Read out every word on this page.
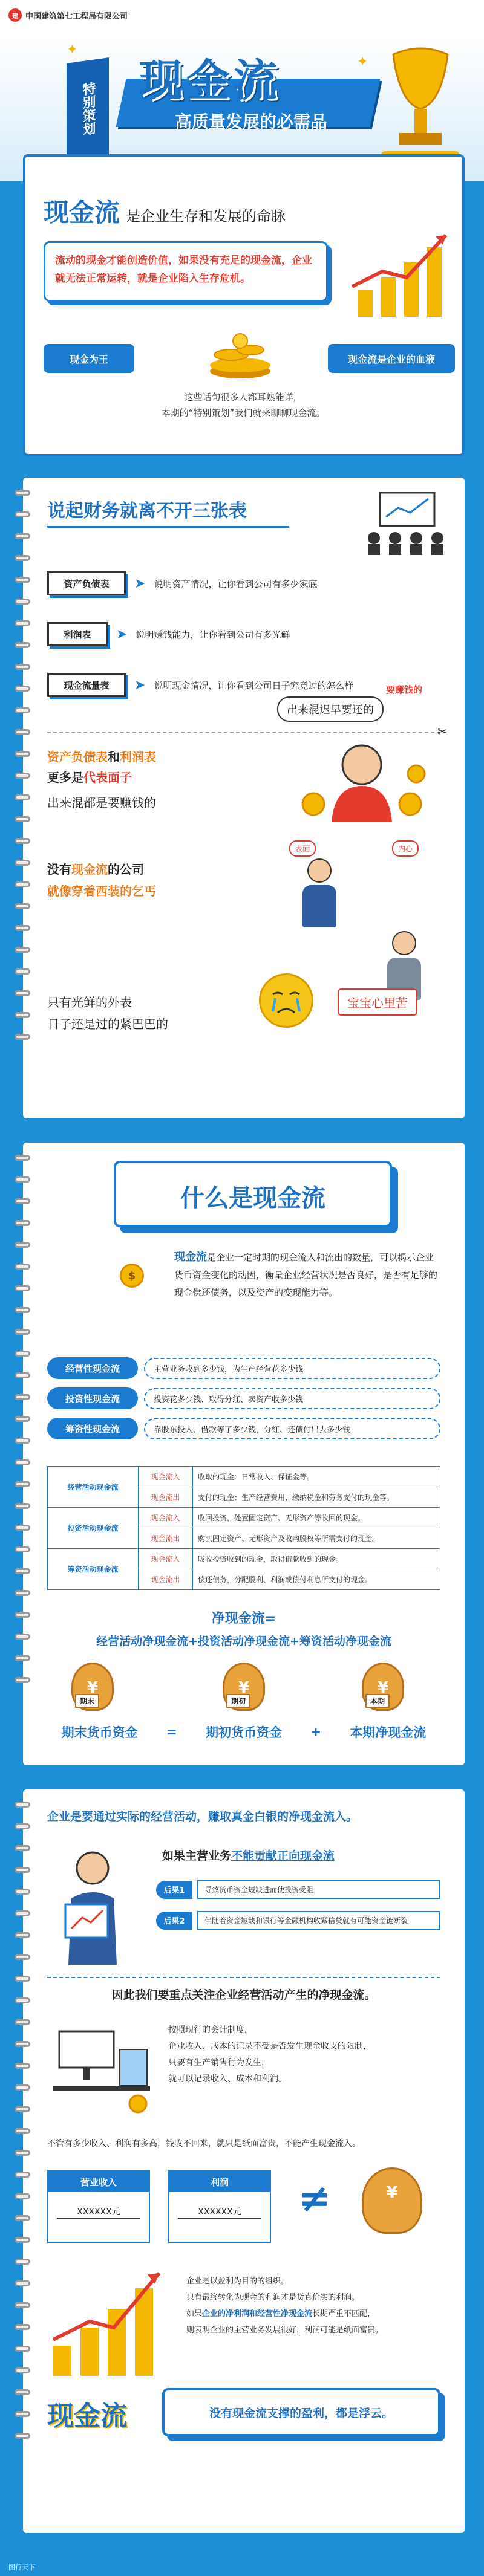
建 中国建筑第七工程局有限公司
特别策划
现金流
高质量发展的必需品
✦
✦
现金流 是企业生存和发展的命脉
流动的现金才能创造价值，如果没有充足的现金流，企业就无法正常运转，就是企业陷入生存危机。
现金为王	现金流是企业的血液
这些话句很多人都耳熟能详，
本期的“特别策划”我们就来聊聊现金流。
说起财务就离不开三张表
资产负债表	➤ 说明资产情况，让你看到公司有多少家底
利润表	➤ 说明赚钱能力，让你看到公司有多光鲜
现金流量表	➤ 说明现金情况，让你看到公司日子究竟过的怎么样
✂
要赚钱的
出来混迟早要还的
资产负债表和利润表
更多是代表面子
出来混都是要赚钱的
没有现金流的公司
就像穿着西装的乞丐
表面	内心
只有光鲜的外表
日子还是过的紧巴巴的
宝宝心里苦
什么是现金流
$
现金流是企业一定时期的现金流入和流出的数量，可以揭示企业货币资金变化的动因，衡量企业经营状况是否良好，是否有足够的现金偿还债务，以及资产的变现能力等。
经营性现金流	主营业务收到多少钱，为生产经营花多少钱
投资性现金流	投资花多少钱、取得分红、卖资产收多少钱
筹资性现金流	靠股东投入、借款等了多少钱，分红、还债付出去多少钱
经营活动现金流	现金流入	收取的现金：日常收入、保证金等。
	现金流出	支付的现金：生产经营费用、缴纳税金和劳务支付的现金等。
投资活动现金流	现金流入	收回投资，处置固定资产、无形资产等收回的现金。
	现金流出	购买固定资产、无形资产及收购股权等所需支付的现金。
筹资活动现金流	现金流入	吸收投资收到的现金，取得借款收到的现金。
	现金流出	偿还债务，分配股利、利润或偿付利息所支付的现金。
净现金流=
经营活动净现金流+投资活动净现金流+筹资活动净现金流
¥
期末 ¥	期初 ¥	本期
期末货币资金 = 期初货币资金 + 本期净现金流
企业是要通过实际的经营活动，赚取真金白银的净现金流入。
如果主营业务不能贡献正向现金流
后果1	导致货币资金短缺进而使投资受阻
后果2	伴随着资金短缺和银行等金融机构收紧信贷就有可能资金链断裂
因此我们要重点关注企业经营活动产生的净现金流。
按照现行的会计制度，
企业收入、成本的记录不受是否发生现金收支的限制，
只要有生产销售行为发生，
就可以记录收入、成本和利润。
不管有多少收入、利润有多高，钱收不回来，就只是纸面富贵，不能产生现金流入。
营业收入
XXXXXX元
利润
XXXXXX元	≠
¥
企业是以盈利为目的的组织。
只有最终转化为现金的利润才是货真价实的利润。
如果企业的净利润和经营性净现金流长期严重不匹配，
则表明企业的主营业务发展很好，利润可能是纸面富贵。
现金流	没有现金流支撑的盈利，都是浮云。
图行天下
